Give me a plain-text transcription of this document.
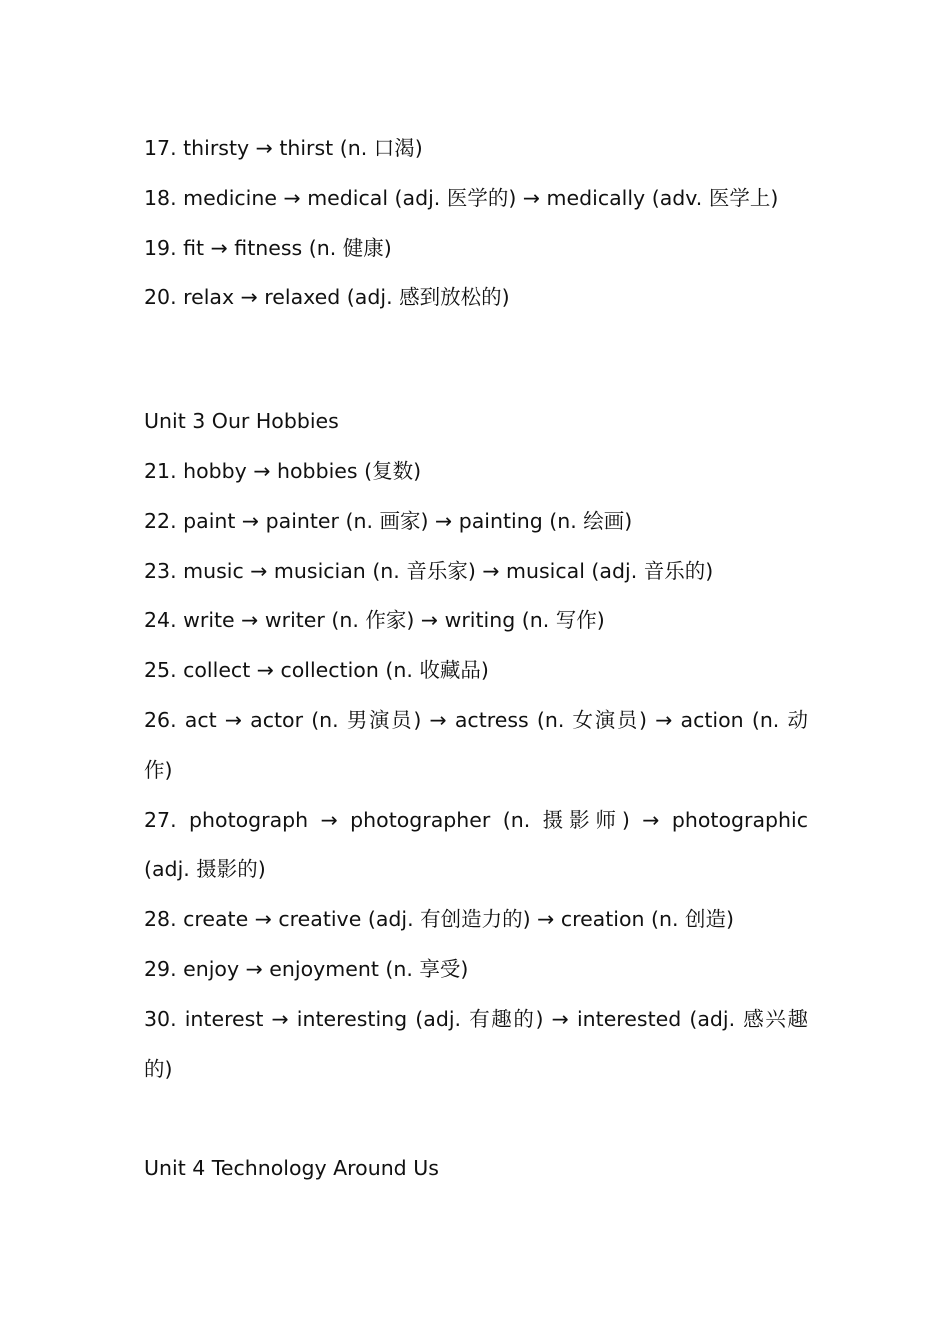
17. thirsty → thirst (n. 口渴)
18. medicine → medical (adj. 医学的) → medically (adv. 医学上)
19. fit → fitness (n. 健康)
20. relax → relaxed (adj. 感到放松的)
Unit 3 Our Hobbies
21. hobby → hobbies (复数)
22. paint → painter (n. 画家) → painting (n. 绘画)
23. music → musician (n. 音乐家) → musical (adj. 音乐的)
24. write → writer (n. 作家) → writing (n. 写作)
25. collect → collection (n. 收藏品)
26. act → actor (n. 男演员) → actress (n. 女演员) → action (n. 动
作)
27. photograph → photographer (n. 摄影师) → photographic
(adj. 摄影的)
28. create → creative (adj. 有创造力的) → creation (n. 创造)
29. enjoy → enjoyment (n. 享受)
30. interest → interesting (adj. 有趣的) → interested (adj. 感兴趣
的)
Unit 4 Technology Around Us
